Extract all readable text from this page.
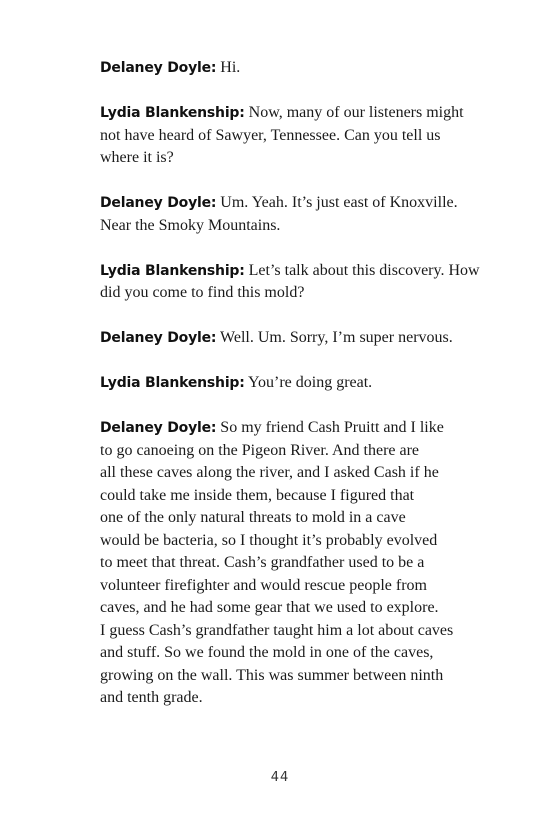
Delaney Doyle: Hi.

Lydia Blankenship: Now, many of our listeners might
not have heard of Sawyer, Tennessee. Can you tell us
where it is?

Delaney Doyle: Um. Yeah. It’s just east of Knoxville.
Near the Smoky Mountains.

Lydia Blankenship: Let’s talk about this discovery. How
did you come to find this mold?

Delaney Doyle: Well. Um. Sorry, I’m super nervous.

Lydia Blankenship: You’re doing great.

Delaney Doyle: So my friend Cash Pruitt and I like
to go canoeing on the Pigeon River. And there are
all these caves along the river, and I asked Cash if he
could take me inside them, because I figured that
one of the only natural threats to mold in a cave
would be bacteria, so I thought it’s probably evolved
to meet that threat. Cash’s grandfather used to be a
volunteer firefighter and would rescue people from
caves, and he had some gear that we used to explore.
I guess Cash’s grandfather taught him a lot about caves
and stuff. So we found the mold in one of the caves,
growing on the wall. This was summer between ninth
and tenth grade.

44
